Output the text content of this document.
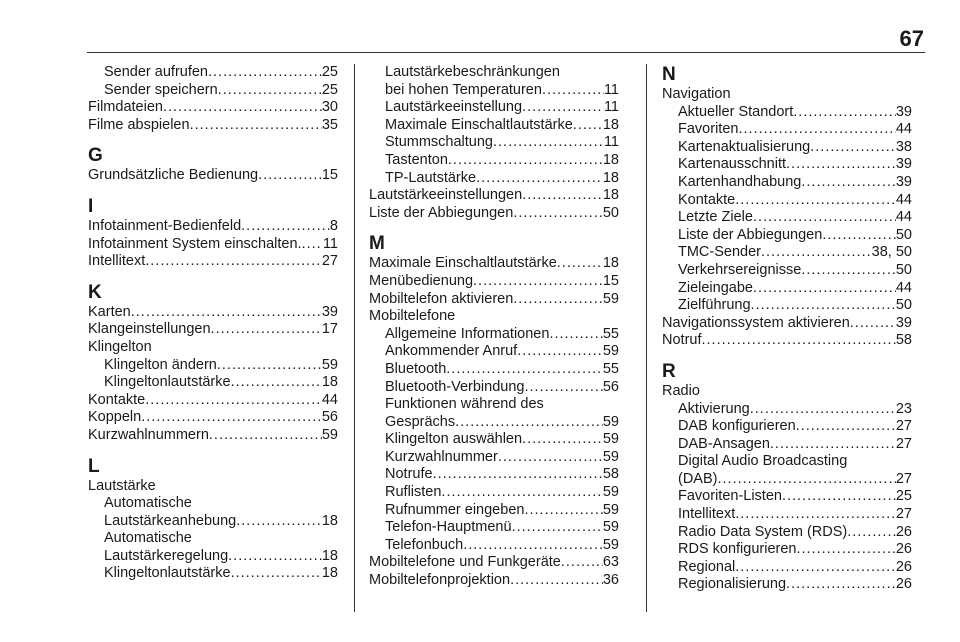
67
Sender aufrufen .....	25
Sender speichern .....	25
Filmdateien .....	30
Filme abspielen .....	35
G
Grundsätzliche Bedienung .....	15
I
Infotainment-Bedienfeld .....	8
Infotainment System einschalten. ..... 11
Intellitext .....	27
K
Karten .....	39
Klangeinstellungen .....	17
Klingelton
Klingelton ändern .....	59
Klingeltonlautstärke .....	18
Kontakte .....	44
Koppeln .....	56
Kurzwahlnummern .....	59
L
Lautstärke
Automatische
Lautstärkeanhebung .....	18
Automatische
Lautstärkeregelung .....	18
Klingeltonlautstärke .....	18
Lautstärkebeschränkungen
bei hohen Temperaturen .....	11
Lautstärkeeinstellung .....	11
Maximale Einschaltlautstärke ..... 18
Stummschaltung .....	11
Tastenton .....	18
TP-Lautstärke .....	18
Lautstärkeeinstellungen .....	18
Liste der Abbiegungen .....	50
M
Maximale Einschaltlautstärke .....	18
Menübedienung .....	15
Mobiltelefon aktivieren .....	59
Mobiltelefone
Allgemeine Informationen .....	55
Ankommender Anruf .....	59
Bluetooth .....	55
Bluetooth-Verbindung .....	56
Funktionen während des
Gesprächs .....	59
Klingelton auswählen .....	59
Kurzwahlnummer .....	59
Notrufe .....	58
Ruflisten .....	59
Rufnummer eingeben .....	59
Telefon-Hauptmenü .....	59
Telefonbuch .....	59
Mobiltelefone und Funkgeräte .....	63
Mobiltelefonprojektion .....	36
N
Navigation
Aktueller Standort .....	39
Favoriten .....	44
Kartenaktualisierung .....	38
Kartenausschnitt .....	39
Kartenhandhabung .....	39
Kontakte .....	44
Letzte Ziele .....	44
Liste der Abbiegungen .....	50
TMC-Sender .....	38, 50
Verkehrsereignisse .....	50
Zieleingabe .....	44
Zielführung .....	50
Navigationssystem aktivieren .....	39
Notruf .....	58
R
Radio
Aktivierung .....	23
DAB konfigurieren .....	27
DAB-Ansagen .....	27
Digital Audio Broadcasting
(DAB) .....	27
Favoriten-Listen .....	25
Intellitext .....	27
Radio Data System (RDS) .....	26
RDS konfigurieren .....	26
Regional .....	26
Regionalisierung .....	26
